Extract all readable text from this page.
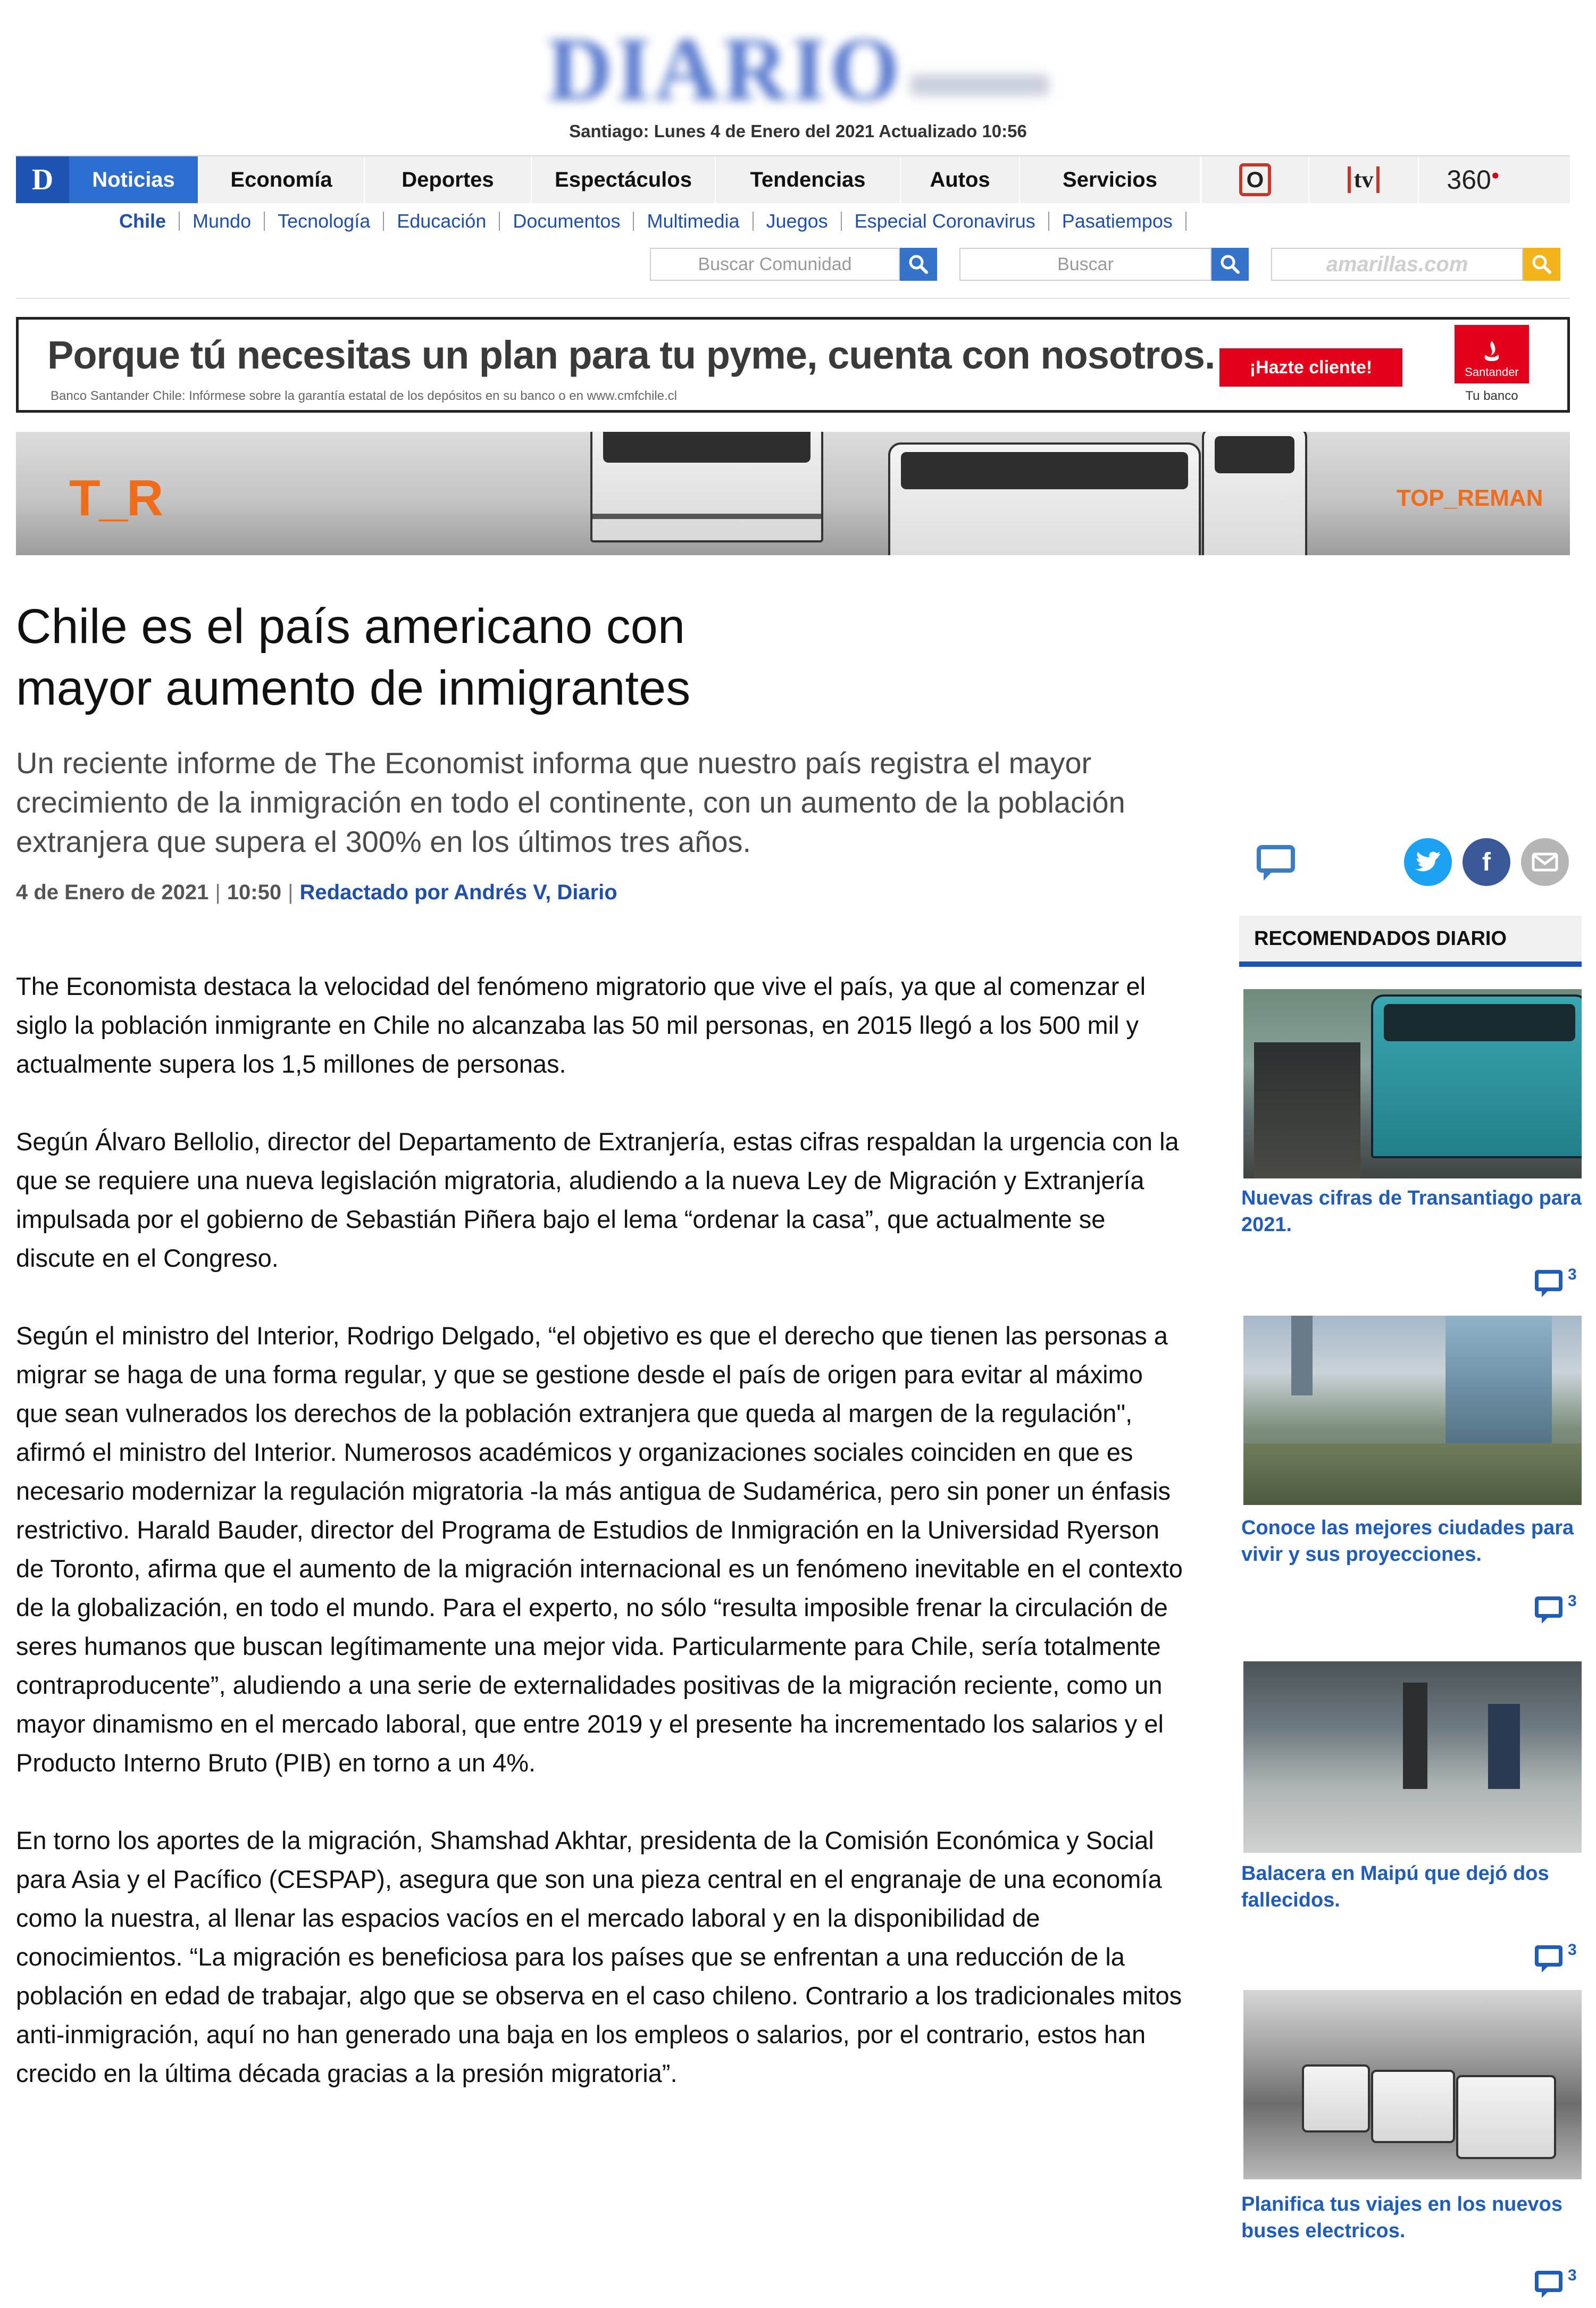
DIARIO
Santiago: Lunes 4 de Enero del 2021 Actualizado 10:56
D	Noticias	Economía	Deportes	Espectáculos	Tendencias	Autos	Servicios	O	tv	360●
Chile	Mundo	Tecnología	Educación	Documentos	Multimedia	Juegos	Especial Coronavirus	Pasatiempos
Buscar Comunidad	Buscar	amarillas.com
Porque tú necesitas un plan para tu pyme, cuenta con nosotros.
Banco Santander Chile: Infórmese sobre la garantía estatal de los depósitos en su banco o en www.cmfchile.cl
¡Hazte cliente!	Santander
Tu banco
T_R	TOP_REMAN
Chile es el país americano con
mayor aumento de inmigrantes
Un reciente informe de The Economist informa que nuestro país registra el mayor crecimiento de la inmigración en todo el continente, con un aumento de la población extranjera que supera el 300% en los últimos tres años.
4 de Enero de 2021 | 10:50 | Redactado por Andrés V, Diario

The Economista destaca la velocidad del fenómeno migratorio que vive el país, ya que al comenzar el siglo la población inmigrante en Chile no alcanzaba las 50 mil personas, en 2015 llegó a los 500 mil y actualmente supera los 1,5 millones de personas.

Según Álvaro Bellolio, director del Departamento de Extranjería, estas cifras respaldan la urgencia con la que se requiere una nueva legislación migratoria, aludiendo a la nueva Ley de Migración y Extranjería impulsada por el gobierno de Sebastián Piñera bajo el lema “ordenar la casa”, que actualmente se discute en el Congreso.

Según el ministro del Interior, Rodrigo Delgado, “el objetivo es que el derecho que tienen las personas a migrar se haga de una forma regular, y que se gestione desde el país de origen para evitar al máximo que sean vulnerados los derechos de la población extranjera que queda al margen de la regulación", afirmó el ministro del Interior. Numerosos académicos y organizaciones sociales coinciden en que es necesario modernizar la regulación migratoria -la más antigua de Sudamérica, pero sin poner un énfasis restrictivo. Harald Bauder, director del Programa de Estudios de Inmigración en la Universidad Ryerson de Toronto, afirma que el aumento de la migración internacional es un fenómeno inevitable en el contexto de la globalización, en todo el mundo. Para el experto, no sólo “resulta imposible frenar la circulación de seres humanos que buscan legítimamente una mejor vida. Particularmente para Chile, sería totalmente contraproducente”, aludiendo a una serie de externalidades positivas de la migración reciente, como un mayor dinamismo en el mercado laboral, que entre 2019 y el presente ha incrementado los salarios y el Producto Interno Bruto (PIB) en torno a un 4%.

En torno los aportes de la migración, Shamshad Akhtar, presidenta de la Comisión Económica y Social para Asia y el Pacífico (CESPAP), asegura que son una pieza central en el engranaje de una economía como la nuestra, al llenar las espacios vacíos en el mercado laboral y en la disponibilidad de conocimientos. “La migración es beneficiosa para los países que se enfrentan a una reducción de la población en edad de trabajar, algo que se observa en el caso chileno. Contrario a los tradicionales mitos anti-inmigración, aquí no han generado una baja en los empleos o salarios, por el contrario, estos han crecido en la última década gracias a la presión migratoria”.

f
RECOMENDADOS DIARIO
Nuevas cifras de Transantiago para 2021.
3
Conoce las mejores ciudades para vivir y sus proyecciones.
3
Balacera en Maipú que dejó dos fallecidos.
3
Planifica tus viajes en los nuevos buses electricos.
3
